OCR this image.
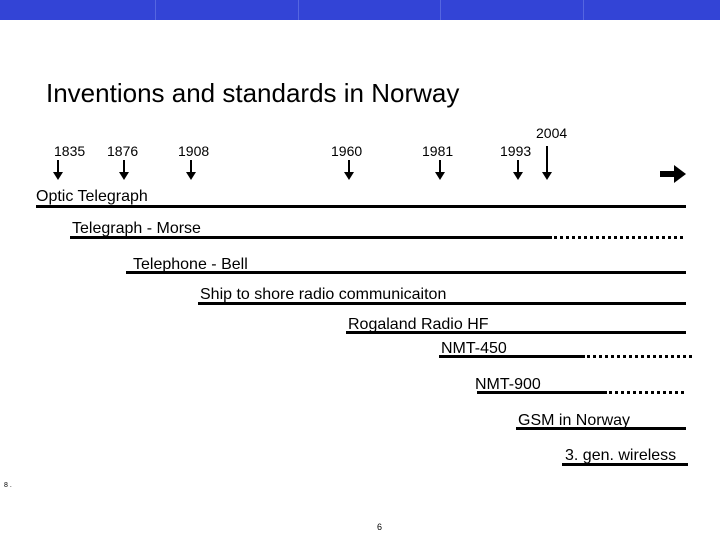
Inventions and standards in Norway
1835 1876	1908	1960	1981	1993
2004
Optic Telegraph
Telegraph - Morse
Telephone - Bell
Ship to shore radio communicaiton
Rogaland Radio HF
NMT-450
NMT-900
GSM in Norway
3. gen. wireless
8 .
6
